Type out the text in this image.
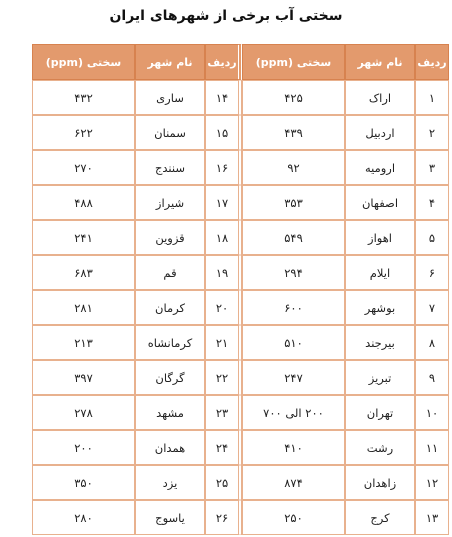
سختی آب برخی از شهرهای ایران
ردیف	نام شهر	سختی (ppm)	ردیف	نام شهر	سختی (ppm)
۱	اراک	۴۲۵	۱۴	ساری	۴۳۲
۲	اردبیل	۴۳۹	۱۵	سمنان	۶۲۲
۳	ارومیه	۹۲	۱۶	سنندج	۲۷۰
۴	اصفهان	۳۵۳	۱۷	شیراز	۴۸۸
۵	اهواز	۵۴۹	۱۸	قزوین	۲۴۱
۶	ایلام	۲۹۴	۱۹	قم	۶۸۳
۷	بوشهر	۶۰۰	۲۰	کرمان	۲۸۱
۸	بیرجند	۵۱۰	۲۱	کرمانشاه	۲۱۳
۹	تبریز	۲۴۷	۲۲	گرگان	۳۹۷
۱۰	تهران	۲۰۰ الی ۷۰۰	۲۳	مشهد	۲۷۸
۱۱	رشت	۴۱۰	۲۴	همدان	۲۰۰
۱۲	زاهدان	۸۷۴	۲۵	یزد	۳۵۰
۱۳	کرج	۲۵۰	۲۶	یاسوج	۲۸۰
